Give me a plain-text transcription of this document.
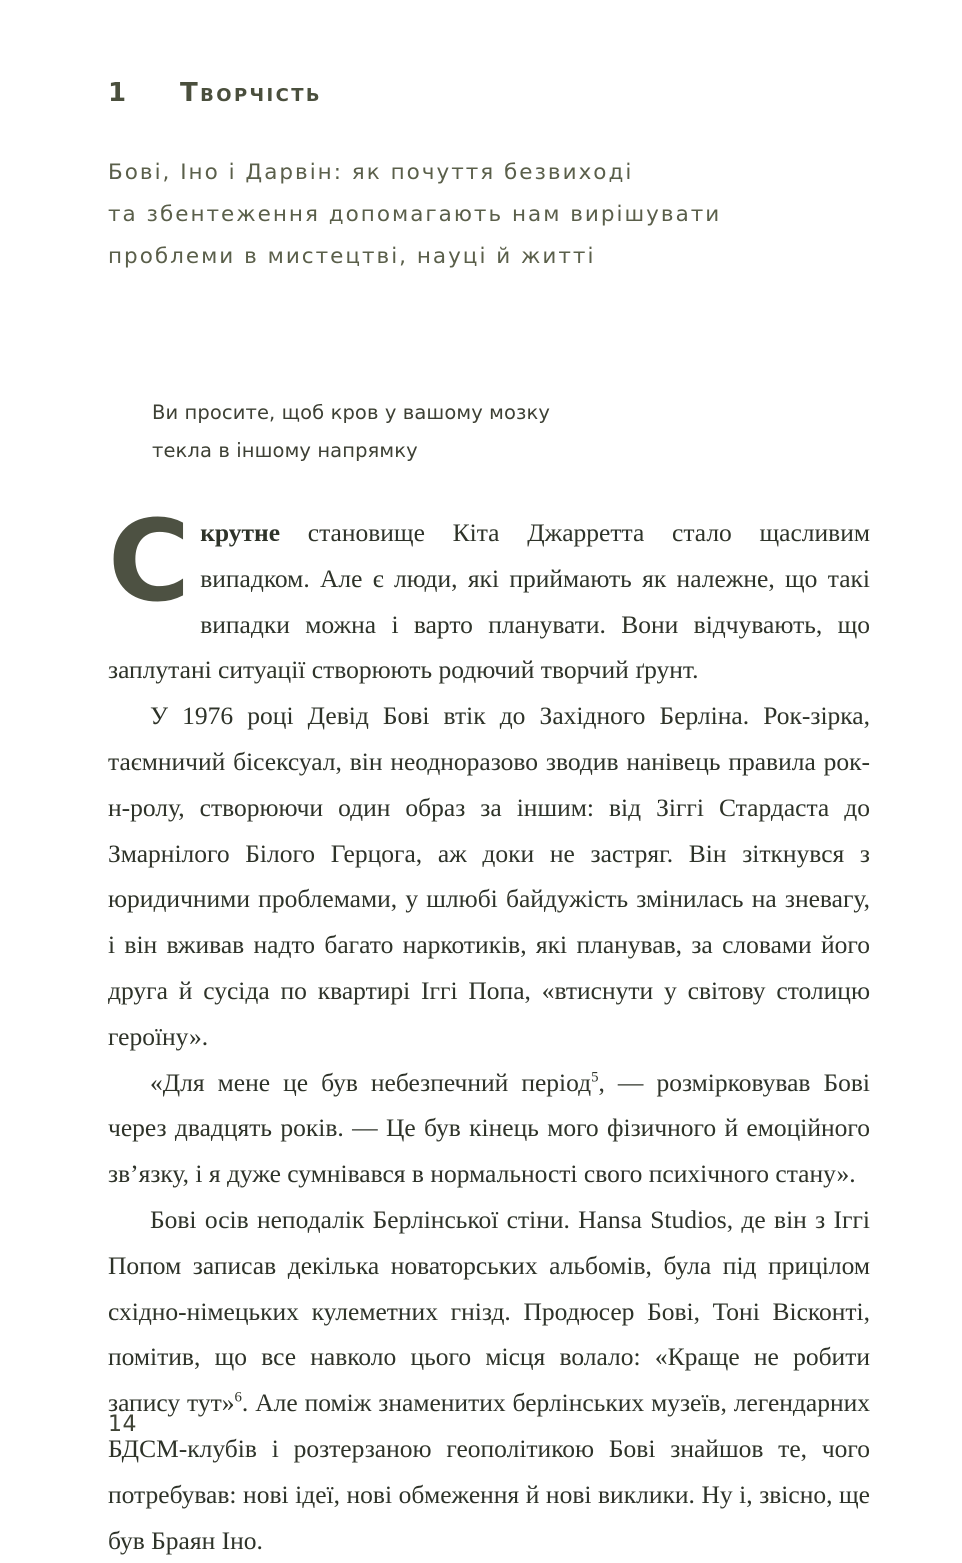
1	Творчість
Бові, Іно і Дарвін: як почуття безвиході
та збентеження допомагають нам вирішувати
проблеми в мистецтві, науці й житті
Ви просите, щоб кров у вашому мозку
текла в іншому напрямку

Скрутне становище Кіта Джарретта стало щасливим випадком. Але є люди, які приймають як належне, що такі випадки можна і варто планувати. Вони відчувають, що заплутані ситуації створюють родючий творчий ґрунт.

У 1976 році Девід Бові втік до Західного Берліна. Рок-зірка, таємничий бісексуал, він неодноразово зводив нанівець правила рок-н-ролу, створюючи один образ за іншим: від Зіггі Стардаста до Змарнілого Білого Герцога, аж доки не застряг. Він зіткнувся з юридичними проблемами, у шлюбі байдужість змінилась на зневагу, і він вживав надто багато наркотиків, які планував, за словами його друга й сусіда по квартирі Іггі Попа, «втиснути у світову столицю героїну».

«Для мене це був небезпечний період$^5$, — розмірковував Бові через двадцять років. — Це був кінець мого фізичного й емоційного зв’язку, і я дуже сумнівався в нормальності свого психічного стану».

Бові осів неподалік Берлінської стіни. Hansa Studios, де він з Іггі Попом записав декілька новаторських альбомів, була під прицілом східно-німецьких кулеметних гнізд. Продюсер Бові, Тоні Вісконті, помітив, що все навколо цього місця волало: «Краще не робити запису тут»$^6$. Але поміж знаменитих берлінських музеїв, легендарних БДСМ-клубів і розтерзаною геополітикою Бові знайшов те, чого потребував: нові ідеї, нові обмеження й нові виклики. Ну і, звісно, ще був Браян Іно.

14
